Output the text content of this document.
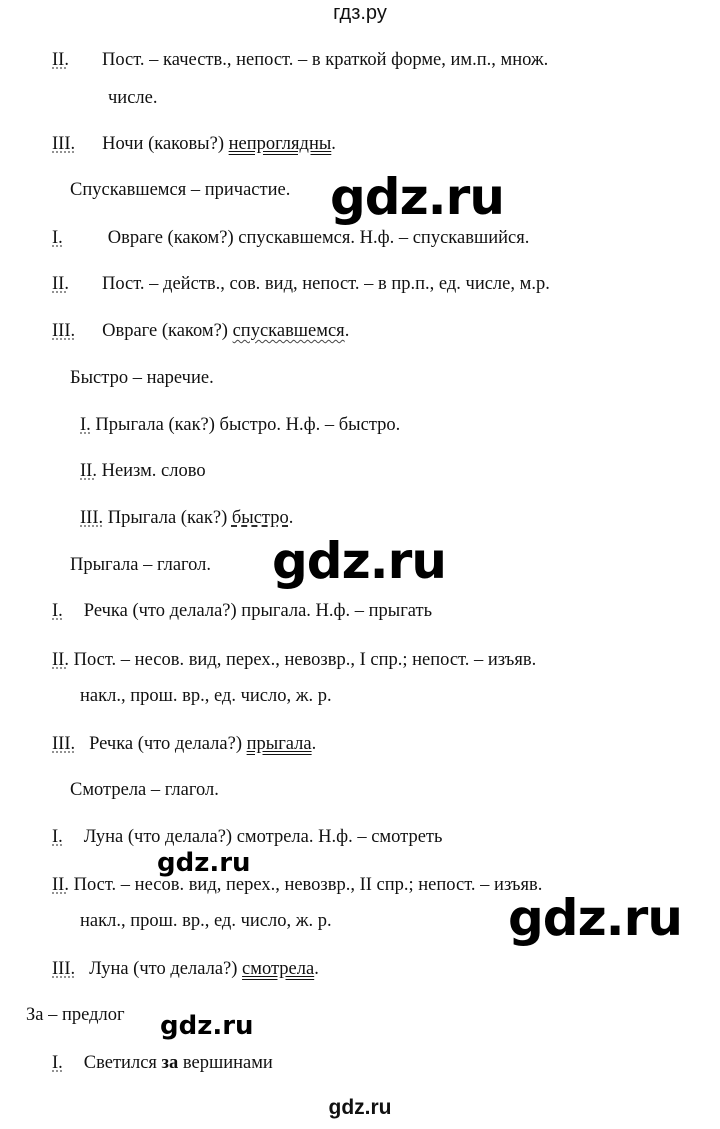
гдз.ру
II. Пост. – качеств., непост. – в краткой форме, им.п., множ.
числе.
III. Ночи (каковы?) непроглядны.
Спускавшемся – причастие.
I. Овраге (каком?) спускавшемся. Н.ф. – спускавшийся.
II. Пост. – действ., сов. вид, непост. – в пр.п., ед. числе, м.р.
III. Овраге (каком?) спускавшемся.
Быстро – наречие.
I. Прыгала (как?) быстро. Н.ф. – быстро.
II. Неизм. слово
III. Прыгала (как?) быстро.
Прыгала – глагол.
I. Речка (что делала?) прыгала. Н.ф. – прыгать
II. Пост. – несов. вид, перех., невозвр., I спр.; непост. – изъяв.
накл., прош. вр., ед. число, ж. р.
III. Речка (что делала?) прыгала.
Смотрела – глагол.
I. Луна (что делала?) смотрела. Н.ф. – смотреть
II. Пост. – несов. вид, перех., невозвр., II спр.; непост. – изъяв.
накл., прош. вр., ед. число, ж. р.
III. Луна (что делала?) смотрела.
За – предлог
I. Светился за вершинами
gdz.ru
gdz.ru
gdz.ru
gdz.ru
gdz.ru
gdz.ru
